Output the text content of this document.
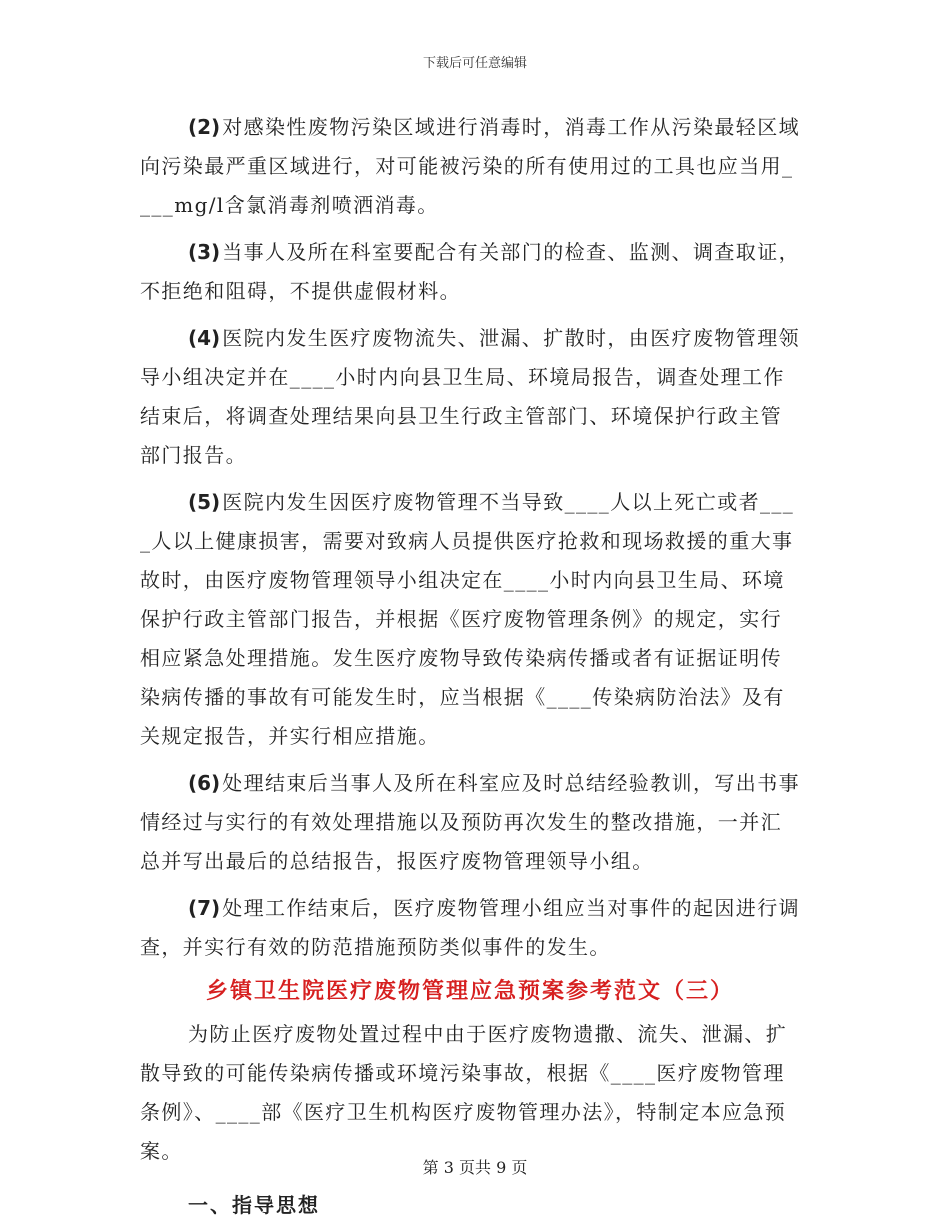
下载后可任意编辑

(2) 对感染性废物污染区域进行消毒时，消毒工作从污染最轻区域向污染最严重区域进行，对可能被污染的所有使用过的工具也应当用____mg/l含氯消毒剂喷洒消毒。

(3) 当事人及所在科室要配合有关部门的检查、监测、调查取证，不拒绝和阻碍，不提供虚假材料。

(4) 医院内发生医疗废物流失、泄漏、扩散时，由医疗废物管理领导小组决定并在____小时内向县卫生局、环境局报告，调查处理工作结束后，将调查处理结果向县卫生行政主管部门、环境保护行政主管部门报告。

(5) 医院内发生因医疗废物管理不当导致____人以上死亡或者____人以上健康损害，需要对致病人员提供医疗抢救和现场救援的重大事故时，由医疗废物管理领导小组决定在____小时内向县卫生局、环境保护行政主管部门报告，并根据《医疗废物管理条例》的规定，实行相应紧急处理措施。发生医疗废物导致传染病传播或者有证据证明传染病传播的事故有可能发生时，应当根据《____传染病防治法》及有关规定报告，并实行相应措施。

(6) 处理结束后当事人及所在科室应及时总结经验教训，写出书事情经过与实行的有效处理措施以及预防再次发生的整改措施，一并汇总并写出最后的总结报告，报医疗废物管理领导小组。

(7) 处理工作结束后，医疗废物管理小组应当对事件的起因进行调查，并实行有效的防范措施预防类似事件的发生。

乡镇卫生院医疗废物管理应急预案参考范文（三）

为防止医疗废物处置过程中由于医疗废物遗撒、流失、泄漏、扩散导致的可能传染病传播或环境污染事故，根据《____医疗废物管理条例》、____部《医疗卫生机构医疗废物管理办法》，特制定本应急预案。

一、指导思想
第 3 页共 9 页
